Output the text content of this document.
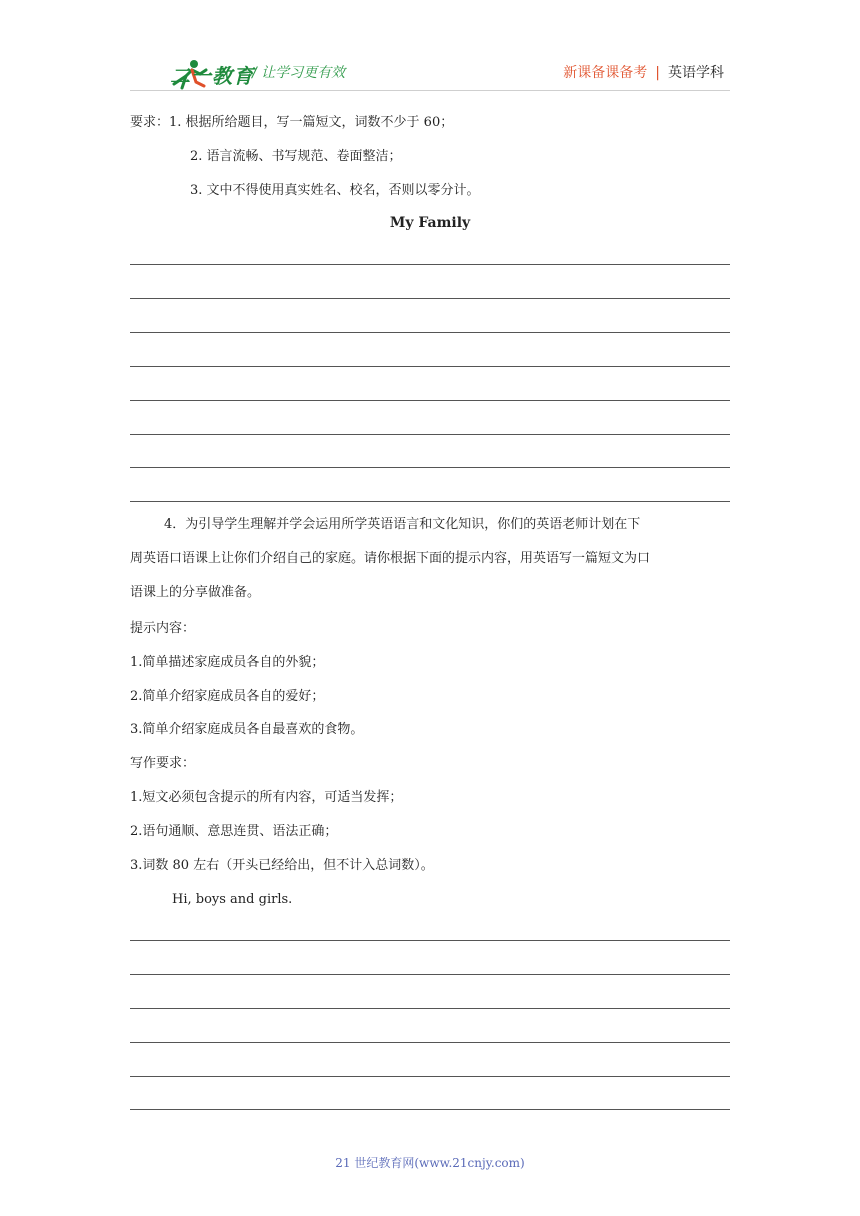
二一教育
/ 让学习更有效	新课备课备考 | 英语学科
要求：1. 根据所给题目，写一篇短文，词数不少于 60；
2. 语言流畅、书写规范、卷面整洁；
3. 文中不得使用真实姓名、校名，否则以零分计。
My Family
4．为引导学生理解并学会运用所学英语语言和文化知识，你们的英语老师计划在下
周英语口语课上让你们介绍自己的家庭。请你根据下面的提示内容，用英语写一篇短文为口
语课上的分享做准备。
提示内容：
1.简单描述家庭成员各自的外貌；
2.简单介绍家庭成员各自的爱好；
3.简单介绍家庭成员各自最喜欢的食物。
写作要求：
1.短文必须包含提示的所有内容，可适当发挥；
2.语句通顺、意思连贯、语法正确；
3.词数 80 左右（开头已经给出，但不计入总词数）。
Hi, boys and girls.
21 世纪教育网(www.21cnjy.com)
